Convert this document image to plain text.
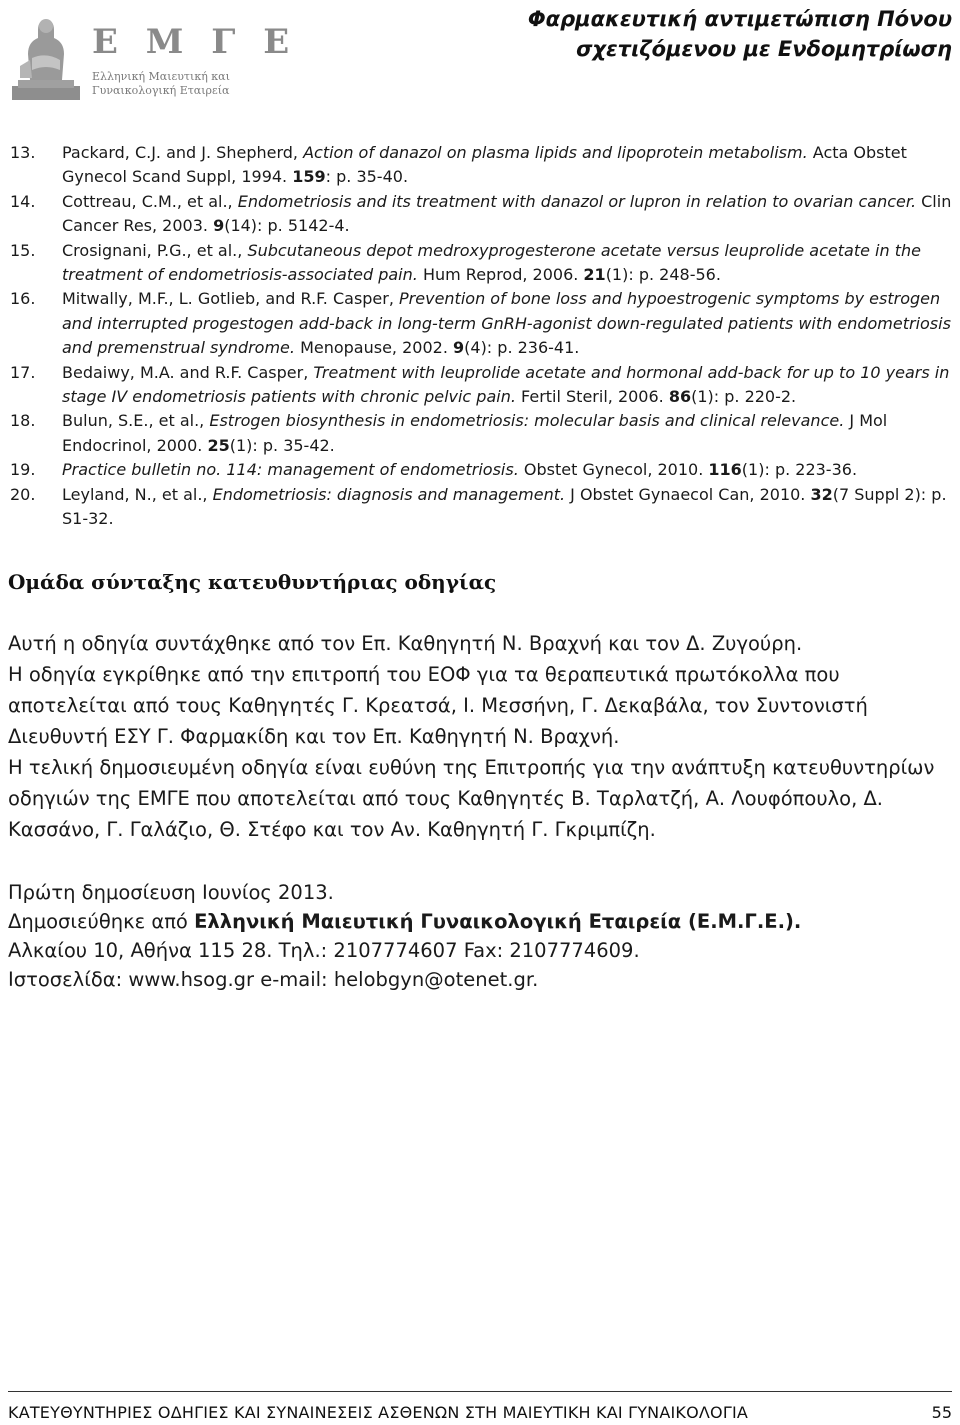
Ε Μ Γ Ε
Ελληνική Μαιευτική και
Γυναικολογική Εταιρεία
Φαρμακευτική αντιμετώπιση Πόνου
σχετιζόμενου με Ενδομητρίωση
13.	Packard, C.J. and J. Shepherd, Action of danazol on plasma lipids and lipoprotein metabolism. Acta Obstet Gynecol Scand Suppl, 1994. 159: p. 35-40.
14.	Cottreau, C.M., et al., Endometriosis and its treatment with danazol or lupron in relation to ovarian cancer. Clin Cancer Res, 2003. 9(14): p. 5142-4.
15.	Crosignani, P.G., et al., Subcutaneous depot medroxyprogesterone acetate versus leuprolide acetate in the treatment of endometriosis-associated pain. Hum Reprod, 2006. 21(1): p. 248-56.
16.	Mitwally, M.F., L. Gotlieb, and R.F. Casper, Prevention of bone loss and hypoestrogenic symptoms by estrogen and interrupted progestogen add-back in long-term GnRH-agonist down-regulated patients with endometriosis and premenstrual syndrome. Menopause, 2002. 9(4): p. 236-41.
17.	Bedaiwy, M.A. and R.F. Casper, Treatment with leuprolide acetate and hormonal add-back for up to 10 years in stage IV endometriosis patients with chronic pelvic pain. Fertil Steril, 2006. 86(1): p. 220-2.
18.	Bulun, S.E., et al., Estrogen biosynthesis in endometriosis: molecular basis and clinical relevance. J Mol Endocrinol, 2000. 25(1): p. 35-42.
19.	Practice bulletin no. 114: management of endometriosis. Obstet Gynecol, 2010. 116(1): p. 223-36.
20.	Leyland, N., et al., Endometriosis: diagnosis and management. J Obstet Gynaecol Can, 2010. 32(7 Suppl 2): p. S1-32.
Ομάδα σύνταξης κατευθυντήριας οδηγίας

Αυτή η οδηγία συντάχθηκε από τον Επ. Καθηγητή Ν. Βραχνή και τον Δ. Ζυγούρη.

Η οδηγία εγκρίθηκε από την επιτροπή του ΕΟΦ για τα θεραπευτικά πρωτόκολλα που αποτελείται από τους Καθηγητές Γ. Κρεατσά, Ι. Μεσσήνη, Γ. Δεκαβάλα, τον Συντονιστή Διευθυντή ΕΣΥ Γ. Φαρμακίδη και τον Επ. Καθηγητή Ν. Βραχνή.

Η τελική δημοσιευμένη οδηγία είναι ευθύνη της Επιτροπής για την ανάπτυξη κατευθυντηρίων οδηγιών της ΕΜΓΕ που αποτελείται από τους Καθηγητές Β. Ταρλατζή, Α. Λουφόπουλο, Δ. Κασσάνο, Γ. Γαλάζιο, Θ. Στέφο και τον Αν. Καθηγητή Γ. Γκριμπίζη.

Πρώτη δημοσίευση Ιουνίος 2013.

Δημοσιεύθηκε από Ελληνική Μαιευτική Γυναικολογική Εταιρεία (Ε.Μ.Γ.Ε.).

Αλκαίου 10, Αθήνα 115 28. Τηλ.: 2107774607 Fax: 2107774609.

Ιστοσελίδα: www.hsog.gr e-mail: helobgyn@otenet.gr.

ΚΑΤΕΥΘΥΝΤΗΡΙΕΣ ΟΔΗΓΙΕΣ ΚΑΙ ΣΥΝΑΙΝΕΣΕΙΣ ΑΣΘΕΝΩΝ ΣΤΗ ΜΑΙΕΥΤΙΚΗ ΚΑΙ ΓΥΝΑΙΚΟΛΟΓΙΑ	55
